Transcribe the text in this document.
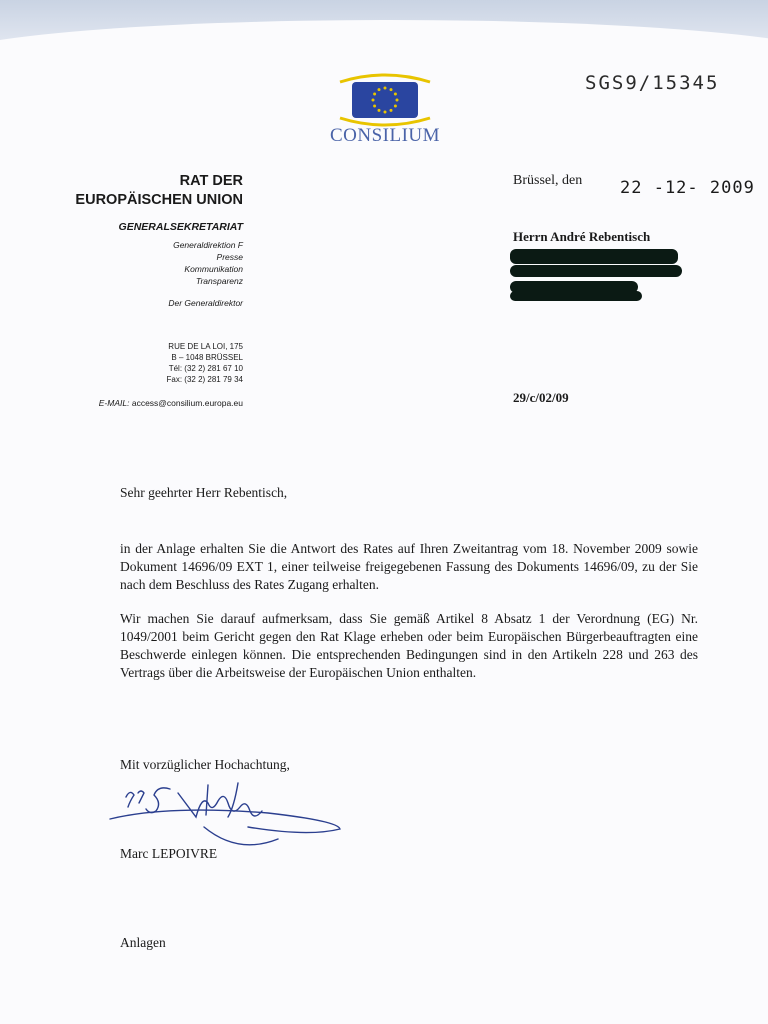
SGS9/15345
CONSILIUM
RAT DER
EUROPÄISCHEN UNION
GENERALSEKRETARIAT
Generaldirektion F
Presse
Kommunikation
Transparenz
Der Generaldirektor
RUE DE LA LOI, 175
B – 1048 BRÜSSEL
Tél: (32 2) 281 67 10
Fax: (32 2) 281 79 34
E-MAIL: access@consilium.europa.eu
Brüssel, den 22 -12- 2009
Herrn André Rebentisch
29/c/02/09

Sehr geehrter Herr Rebentisch,

in der Anlage erhalten Sie die Antwort des Rates auf Ihren Zweitantrag vom 18. November 2009 sowie Dokument 14696/09 EXT 1, einer teilweise freigegebenen Fassung des Dokuments 14696/09, zu der Sie nach dem Beschluss des Rates Zugang erhalten.

Wir machen Sie darauf aufmerksam, dass Sie gemäß Artikel 8 Absatz 1 der Verordnung (EG) Nr. 1049/2001 beim Gericht gegen den Rat Klage erheben oder beim Europäischen Bürgerbeauftragten eine Beschwerde einlegen können. Die entsprechenden Bedingungen sind in den Artikeln 228 und 263 des Vertrags über die Arbeitsweise der Europäischen Union enthalten.

Mit vorzüglicher Hochachtung,

Marc LEPOIVRE

Anlagen
